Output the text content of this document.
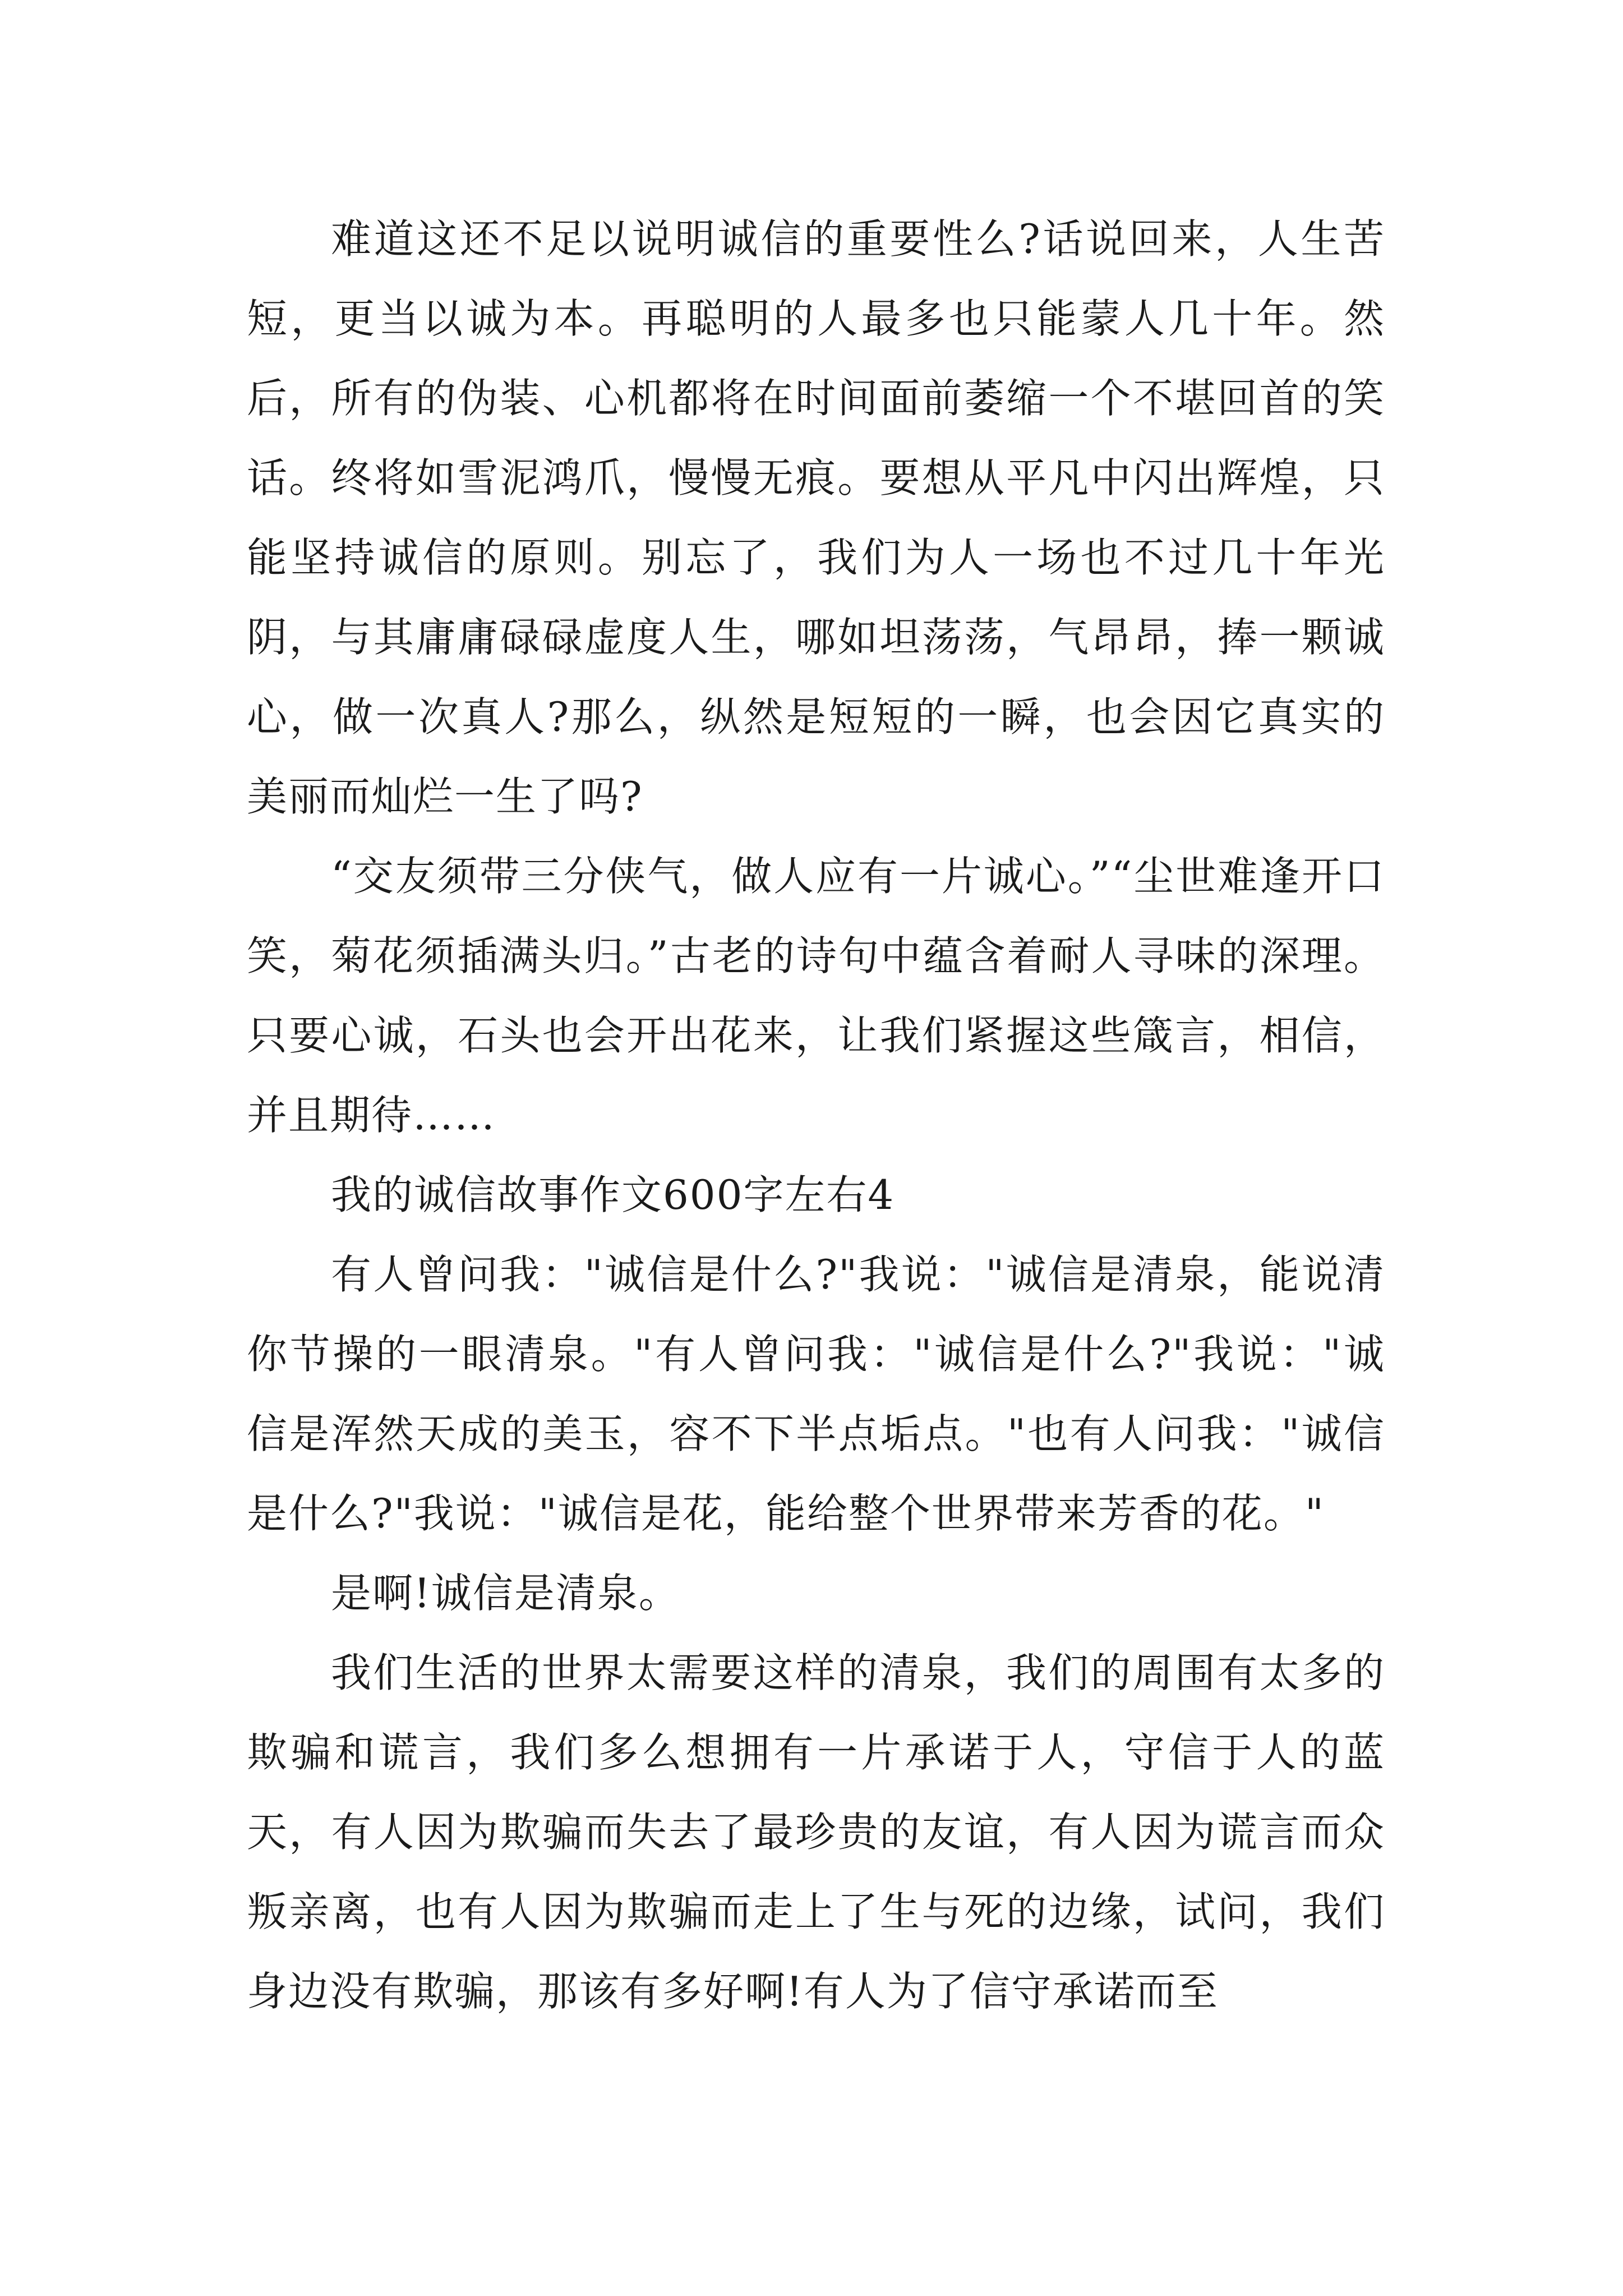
难道这还不足以说明诚信的重要性么?话说回来，人生苦短，更当以诚为本。再聪明的人最多也只能蒙人几十年。然后，所有的伪装、心机都将在时间面前萎缩一个不堪回首的笑话。终将如雪泥鸿爪，慢慢无痕。要想从平凡中闪出辉煌，只能坚持诚信的原则。别忘了，我们为人一场也不过几十年光阴，与其庸庸碌碌虚度人生，哪如坦荡荡，气昂昂，捧一颗诚心，做一次真人?那么，纵然是短短的一瞬，也会因它真实的美丽而灿烂一生了吗?

“交友须带三分侠气，做人应有一片诚心。”“尘世难逢开口笑，菊花须插满头归。”古老的诗句中蕴含着耐人寻味的深理。只要心诚，石头也会开出花来，让我们紧握这些箴言，相信，并且期待……

我的诚信故事作文600字左右4

有人曾问我："诚信是什么?"我说："诚信是清泉，能说清你节操的一眼清泉。"有人曾问我："诚信是什么?"我说："诚信是浑然天成的美玉，容不下半点垢点。"也有人问我："诚信是什么?"我说："诚信是花，能给整个世界带来芳香的花。"

是啊!诚信是清泉。

我们生活的世界太需要这样的清泉，我们的周围有太多的欺骗和谎言，我们多么想拥有一片承诺于人，守信于人的蓝天，有人因为欺骗而失去了最珍贵的友谊，有人因为谎言而众叛亲离，也有人因为欺骗而走上了生与死的边缘，试问，我们身边没有欺骗，那该有多好啊!有人为了信守承诺而至
